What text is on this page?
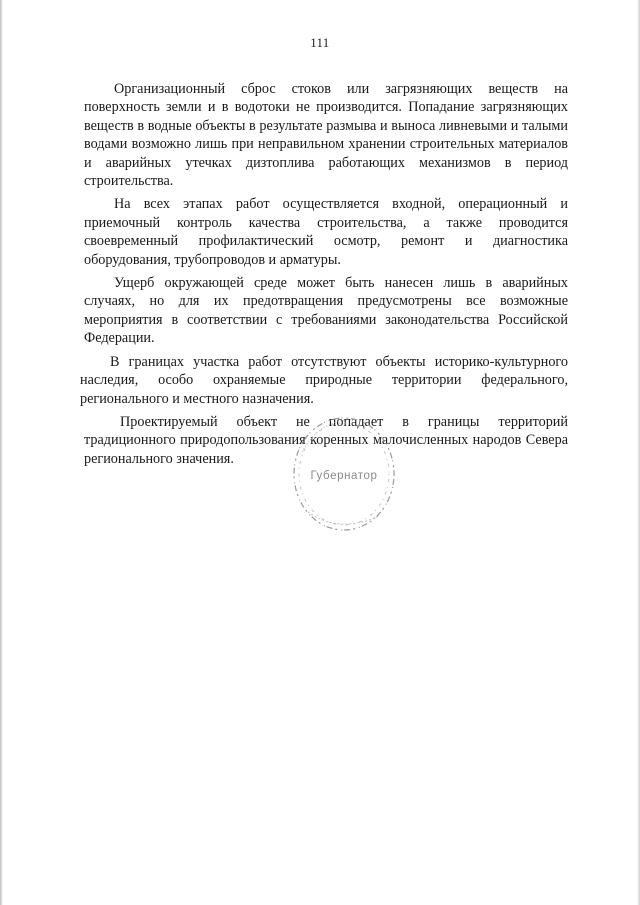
111

Организационный сброс стоков или загрязняющих веществ на поверхность земли и в водотоки не производится. Попадание загрязняющих веществ в водные объекты в результате размыва и выноса ливневыми и талыми водами возможно лишь при неправильном хранении строительных материалов и аварийных утечках дизтоплива работающих механизмов в период строительства.

На всех этапах работ осуществляется входной, операционный и приемочный контроль качества строительства, а также проводится своевременный профилактический осмотр, ремонт и диагностика оборудования, трубопроводов и арматуры.

Ущерб окружающей среде может быть нанесен лишь в аварийных случаях, но для их предотвращения предусмотрены все возможные мероприятия в соответствии с требованиями законодательства Российской Федерации.

В границах участка работ отсутствуют объекты историко-культурного наследия, особо охраняемые природные территории федерального, регионального и местного назначения.

Проектируемый объект не попадает в границы территорий традиционного природопользования коренных малочисленных народов Севера регионального значения.

Губернатор
